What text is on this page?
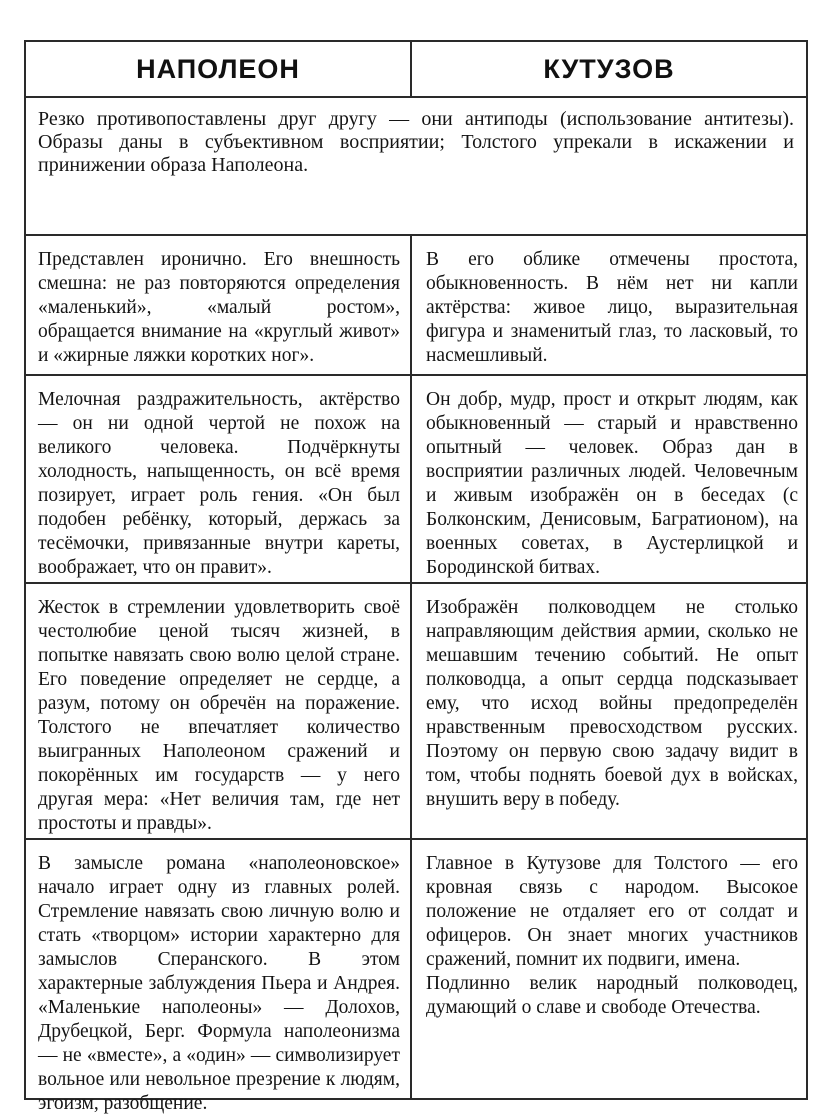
НАПОЛЕОН	КУТУЗОВ

Резко противопоставлены друг другу — они антиподы (использование антитезы). Образы даны в субъективном восприятии; Толстого упрекали в искажении и принижении образа Наполеона.

Представлен иронично. Его внешность смешна: не раз повторяются определения «маленький», «малый ростом», обращается внимание на «круглый живот» и «жирные ляжки коротких ног».

В его облике отмечены простота, обыкновенность. В нём нет ни капли актёрства: живое лицо, выразительная фигура и знаменитый глаз, то ласковый, то насмешливый.

Мелочная раздражительность, актёрство — он ни одной чертой не похож на великого человека. Подчёркнуты холодность, напыщенность, он всё время позирует, играет роль гения. «Он был подобен ребёнку, который, держась за тесёмочки, привязанные внутри кареты, воображает, что он правит».

Он добр, мудр, прост и открыт людям, как обыкновенный — старый и нравственно опытный — человек. Образ дан в восприятии различных людей. Человечным и живым изображён он в беседах (с Болконским, Денисовым, Багратионом), на военных советах, в Аустерлицкой и Бородинской битвах.

Жесток в стремлении удовлетворить своё честолюбие ценой тысяч жизней, в попытке навязать свою волю целой стране. Его поведение определяет не сердце, а разум, потому он обречён на поражение. Толстого не впечатляет количество выигранных Наполеоном сражений и покорённых им государств — у него другая мера: «Нет величия там, где нет простоты и правды».

Изображён полководцем не столько направляющим действия армии, сколько не мешавшим течению событий. Не опыт полководца, а опыт сердца подсказывает ему, что исход войны предопределён нравственным превосходством русских. Поэтому он первую свою задачу видит в том, чтобы поднять боевой дух в войсках, внушить веру в победу.

В замысле романа «наполеоновское» начало играет одну из главных ролей. Стремление навязать свою личную волю и стать «творцом» истории характерно для замыслов Сперанского. В этом характерные заблуждения Пьера и Андрея. «Маленькие наполеоны» — Долохов, Друбецкой, Берг. Формула наполеонизма — не «вместе», а «один» — символизирует вольное или невольное презрение к людям, эгоизм, разобщение.

Главное в Кутузове для Толстого — его кровная связь с народом. Высокое положение не отдаляет его от солдат и офицеров. Он знает многих участников сражений, помнит их подвиги, имена.

Подлинно велик народный полководец, думающий о славе и свободе Отечества.
